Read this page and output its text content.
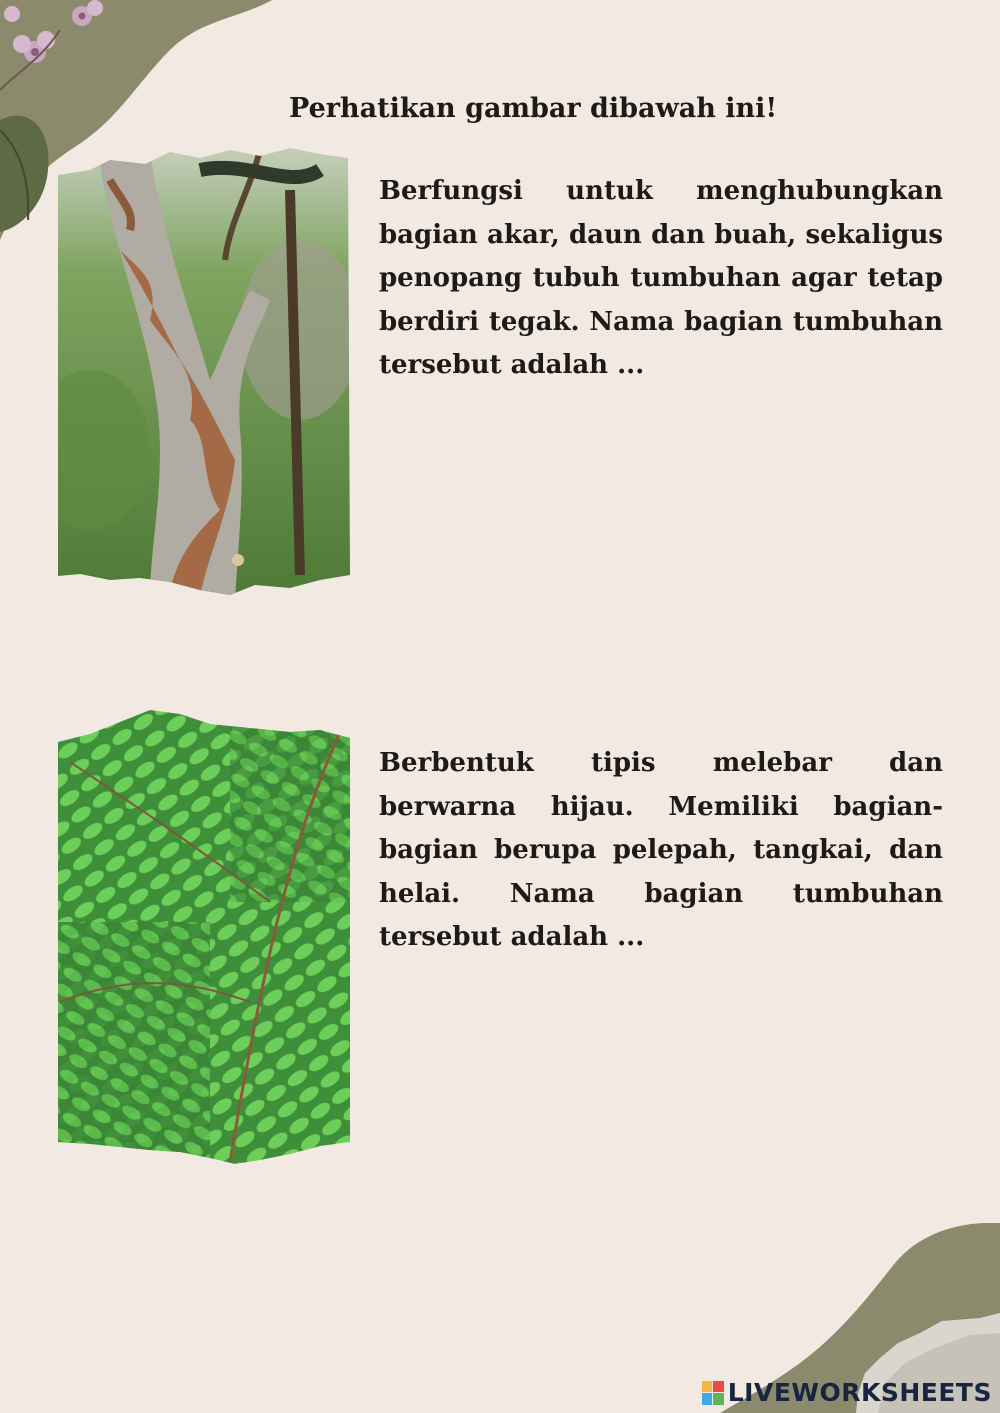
Perhatikan gambar dibawah ini!
Berfungsi untuk menghubungkan bagian akar, daun dan buah, sekaligus penopang tubuh tumbuhan agar tetap berdiri tegak. Nama bagian tumbuhan tersebut adalah ...
Berbentuk tipis melebar dan berwarna hijau. Memiliki bagian-bagian berupa pelepah, tangkai, dan helai. Nama bagian tumbuhan tersebut adalah ...
LIVEWORKSHEETS
